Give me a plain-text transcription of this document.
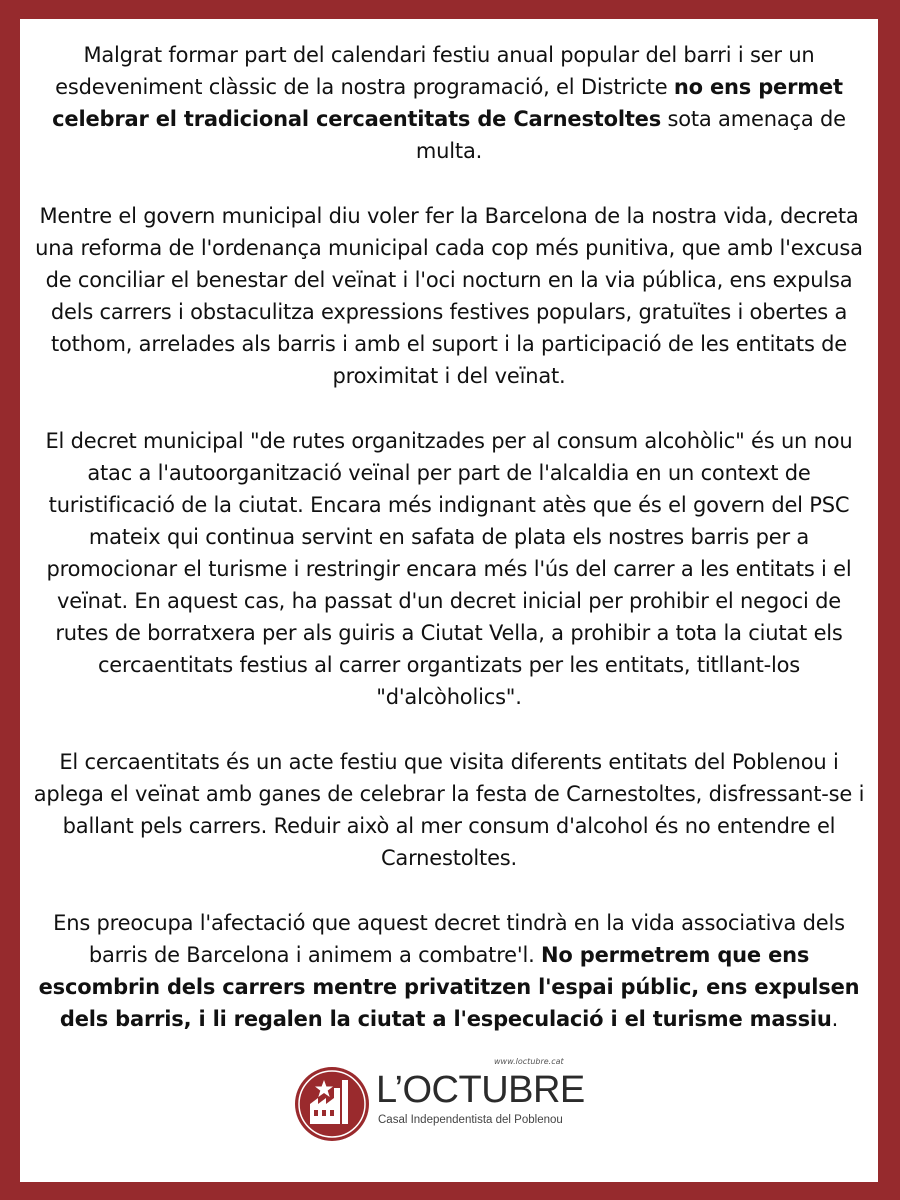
Malgrat formar part del calendari festiu anual popular del barri i ser un esdeveniment clàssic de la nostra programació, el Districte no ens permet celebrar el tradicional cercaentitats de Carnestoltes sota amenaça de multa.

Mentre el govern municipal diu voler fer la Barcelona de la nostra vida, decreta una reforma de l'ordenança municipal cada cop més punitiva, que amb l'excusa de conciliar el benestar del veïnat i l'oci nocturn en la via pública, ens expulsa dels carrers i obstaculitza expressions festives populars, gratuïtes i obertes a tothom, arrelades als barris i amb el suport i la participació de les entitats de proximitat i del veïnat.

El decret municipal "de rutes organitzades per al consum alcohòlic" és un nou atac a l'autoorganització veïnal per part de l'alcaldia en un context de turistificació de la ciutat. Encara més indignant atès que és el govern del PSC mateix qui continua servint en safata de plata els nostres barris per a promocionar el turisme i restringir encara més l'ús del carrer a les entitats i el veïnat. En aquest cas, ha passat d'un decret inicial per prohibir el negoci de rutes de borratxera per als guiris a Ciutat Vella, a prohibir a tota la ciutat els cercaentitats festius al carrer organtizats per les entitats, titllant-los "d'alcòholics".

El cercaentitats és un acte festiu que visita diferents entitats del Poblenou i aplega el veïnat amb ganes de celebrar la festa de Carnestoltes, disfressant-se i ballant pels carrers. Reduir això al mer consum d'alcohol és no entendre el Carnestoltes.

Ens preocupa l'afectació que aquest decret tindrà en la vida associativa dels barris de Barcelona i animem a combatre'l. No permetrem que ens escombrin dels carrers mentre privatitzen l'espai públic, ens expulsen dels barris, i li regalen la ciutat a l'especulació i el turisme massiu.

www.loctubre.cat
L’OCTUBRE
Casal Independentista del Poblenou
